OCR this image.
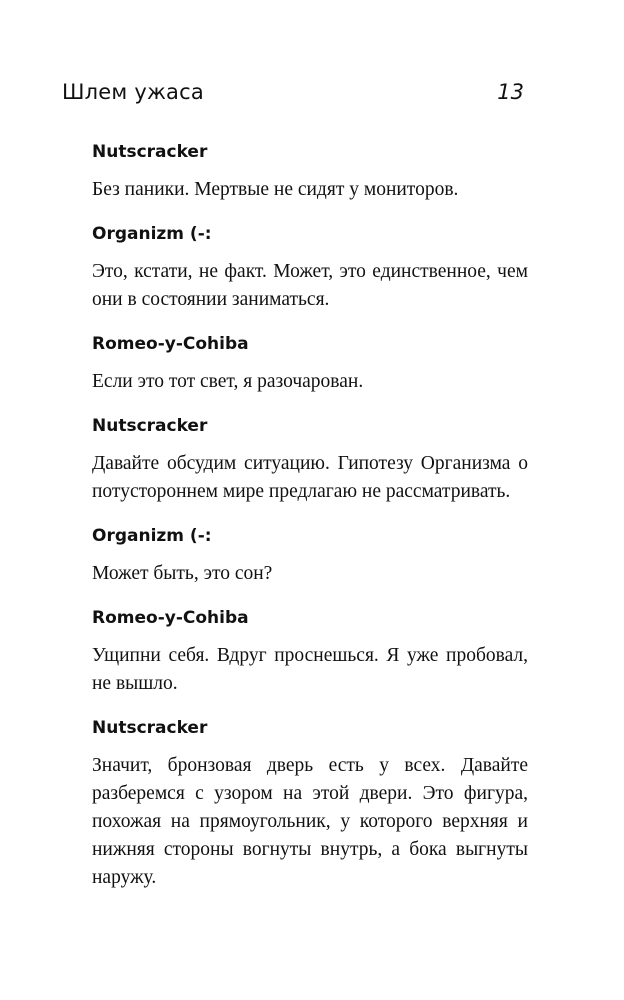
Шлем ужаса	13
Nutscracker

Без паники. Мертвые не сидят у мониторов.

Organizm (-:

Это, кстати, не факт. Может, это единственное, чем они в состоянии заниматься.

Romeo-y-Cohiba

Если это тот свет, я разочарован.

Nutscracker

Давайте обсудим ситуацию. Гипотезу Организма о потустороннем мире предлагаю не рассматривать.

Organizm (-:

Может быть, это сон?

Romeo-y-Cohiba

Ущипни себя. Вдруг проснешься. Я уже пробовал, не вышло.

Nutscracker

Значит, бронзовая дверь есть у всех. Давайте разберемся с узором на этой двери. Это фигура, похожая на прямоугольник, у которого верхняя и нижняя стороны вогнуты внутрь, а бока выгнуты наружу.
